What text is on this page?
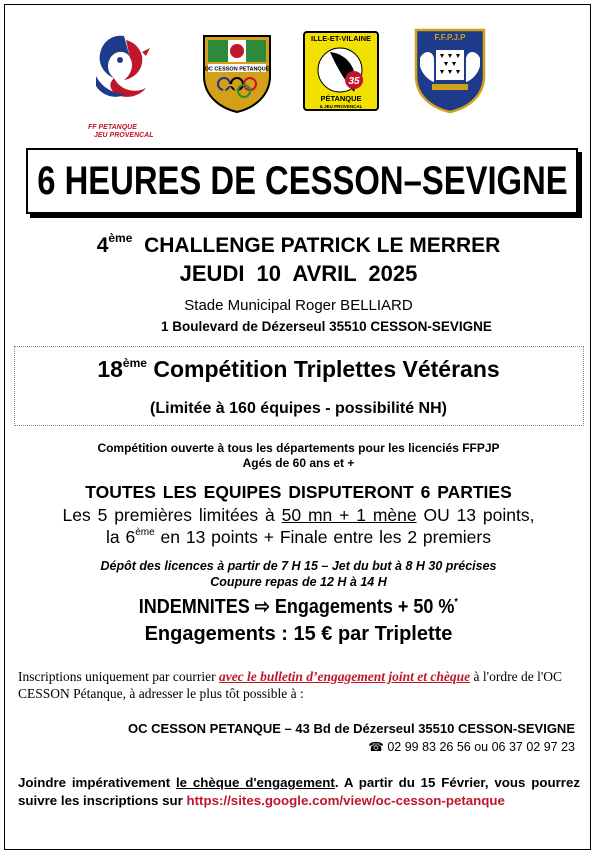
FF PETANQUE
JEU PROVENCAL
OC CESSON PETANQUE
ILLE-ET-VILAINE
35
PÉTANQUE
& JEU PROVENCAL
F.F.P.J.P
6 HEURES DE CESSON–SEVIGNE
4ème CHALLENGE PATRICK LE MERRER
JEUDI 10 AVRIL 2025
Stade Municipal Roger BELLIARD
1 Boulevard de Dézerseul 35510 CESSON-SEVIGNE
18ème Compétition Triplettes Vétérans
(Limitée à 160 équipes - possibilité NH)
Compétition ouverte à tous les départements pour les licenciés FFPJP
Agés de 60 ans et +
TOUTES LES EQUIPES DISPUTERONT 6 PARTIES
Les 5 premières limitées à 50 mn + 1 mène OU 13 points,
la 6ème en 13 points + Finale entre les 2 premiers
Dépôt des licences à partir de 7 H 15 – Jet du but à 8 H 30 précises
Coupure repas de 12 H à 14 H
INDEMNITES ⇨ Engagements + 50 %*
Engagements : 15 € par Triplette
Inscriptions uniquement par courrier avec le bulletin d’engagement joint et chèque à l'ordre de l'OC CESSON Pétanque, à adresser le plus tôt possible à :
OC CESSON PETANQUE – 43 Bd de Dézerseul 35510 CESSON-SEVIGNE
☎ 02 99 83 26 56 ou 06 37 02 97 23
Joindre impérativement le chèque d'engagement. A partir du 15 Février, vous pourrez suivre les inscriptions sur https://sites.google.com/view/oc-cesson-petanque
